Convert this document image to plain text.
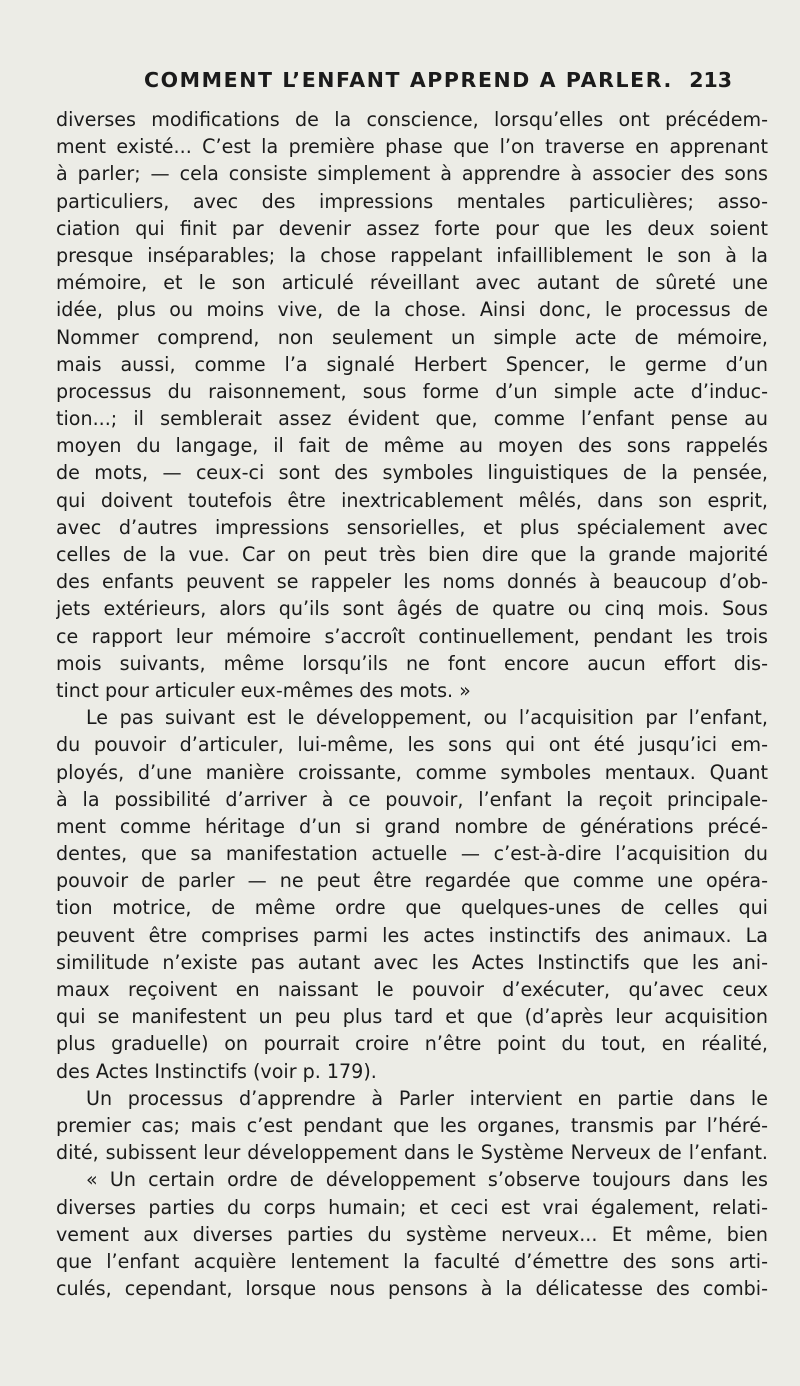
COMMENT L’ENFANT APPREND A PARLER. 213
diverses modifications de la conscience, lorsqu’elles ont précédem-
ment existé... C’est la première phase que l’on traverse en apprenant
à parler; — cela consiste simplement à apprendre à associer des sons
particuliers, avec des impressions mentales particulières; asso-
ciation qui finit par devenir assez forte pour que les deux soient
presque inséparables; la chose rappelant infailliblement le son à la
mémoire, et le son articulé réveillant avec autant de sûreté une
idée, plus ou moins vive, de la chose. Ainsi donc, le processus de
Nommer comprend, non seulement un simple acte de mémoire,
mais aussi, comme l’a signalé Herbert Spencer, le germe d’un
processus du raisonnement, sous forme d’un simple acte d’induc-
tion...; il semblerait assez évident que, comme l’enfant pense au
moyen du langage, il fait de même au moyen des sons rappelés
de mots, — ceux-ci sont des symboles linguistiques de la pensée,
qui doivent toutefois être inextricablement mêlés, dans son esprit,
avec d’autres impressions sensorielles, et plus spécialement avec
celles de la vue. Car on peut très bien dire que la grande majorité
des enfants peuvent se rappeler les noms donnés à beaucoup d’ob-
jets extérieurs, alors qu’ils sont âgés de quatre ou cinq mois. Sous
ce rapport leur mémoire s’accroît continuellement, pendant les trois
mois suivants, même lorsqu’ils ne font encore aucun effort dis-
tinct pour articuler eux-mêmes des mots. »
Le pas suivant est le développement, ou l’acquisition par l’enfant,
du pouvoir d’articuler, lui-même, les sons qui ont été jusqu’ici em-
ployés, d’une manière croissante, comme symboles mentaux. Quant
à la possibilité d’arriver à ce pouvoir, l’enfant la reçoit principale-
ment comme héritage d’un si grand nombre de générations précé-
dentes, que sa manifestation actuelle — c’est-à-dire l’acquisition du
pouvoir de parler — ne peut être regardée que comme une opéra-
tion motrice, de même ordre que quelques-unes de celles qui
peuvent être comprises parmi les actes instinctifs des animaux. La
similitude n’existe pas autant avec les Actes Instinctifs que les ani-
maux reçoivent en naissant le pouvoir d’exécuter, qu’avec ceux
qui se manifestent un peu plus tard et que (d’après leur acquisition
plus graduelle) on pourrait croire n’être point du tout, en réalité,
des Actes Instinctifs (voir p. 179).
Un processus d’apprendre à Parler intervient en partie dans le
premier cas; mais c’est pendant que les organes, transmis par l’héré-
dité, subissent leur développement dans le Système Nerveux de l’enfant.
« Un certain ordre de développement s’observe toujours dans les
diverses parties du corps humain; et ceci est vrai également, relati-
vement aux diverses parties du système nerveux... Et même, bien
que l’enfant acquière lentement la faculté d’émettre des sons arti-
culés, cependant, lorsque nous pensons à la délicatesse des combi-
